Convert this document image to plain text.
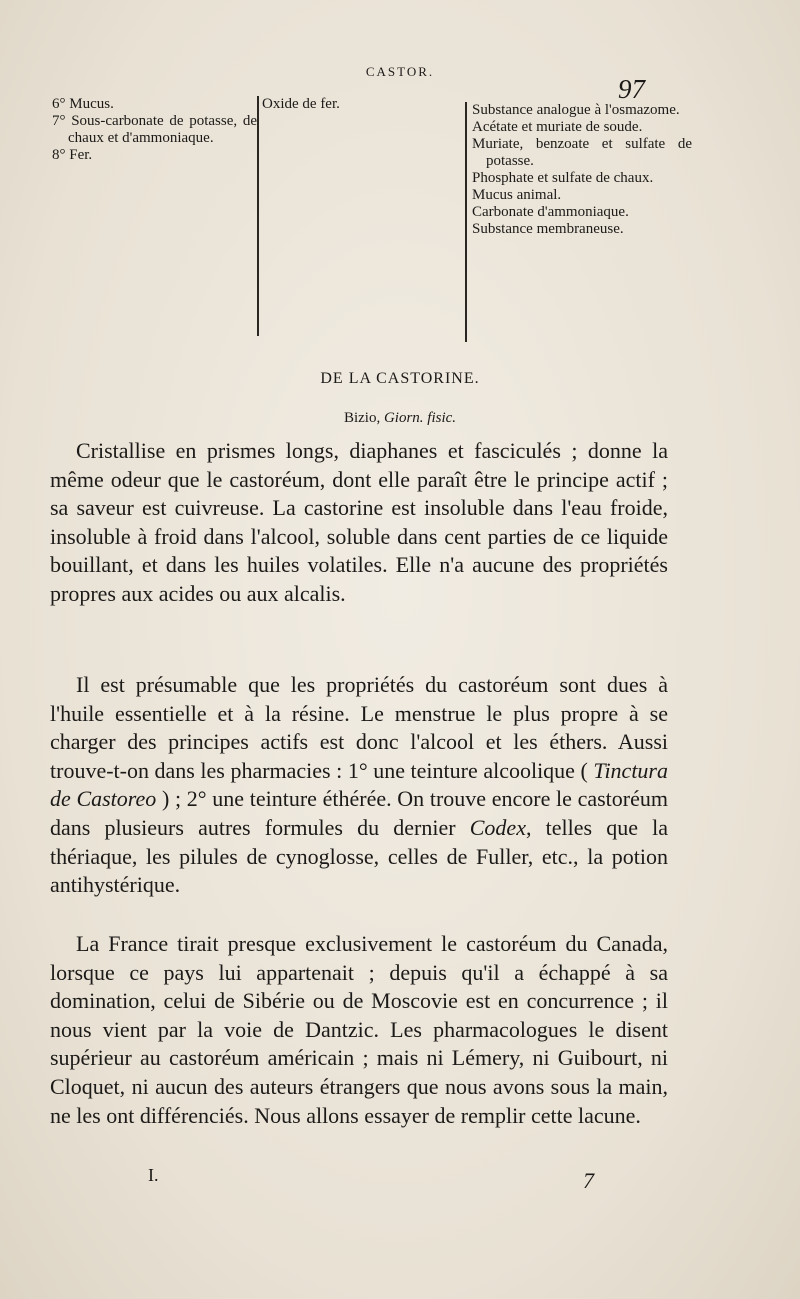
CASTOR.
97

6° Mucus.

7° Sous-carbonate de potasse, de chaux et d'ammoniaque.

8° Fer.

Oxide de fer.	Substance analogue à l'osmazome.

Acétate et muriate de soude.

Muriate, benzoate et sulfate de potasse.

Phosphate et sulfate de chaux.

Mucus animal.

Carbonate d'ammoniaque.

Substance membraneuse.

DE LA CASTORINE.
Bizio, Giorn. fisic.

Cristallise en prismes longs, diaphanes et fasciculés ; donne la même odeur que le castoréum, dont elle paraît être le principe actif ; sa saveur est cuivreuse. La castorine est insoluble dans l'eau froide, insoluble à froid dans l'alcool, soluble dans cent parties de ce liquide bouillant, et dans les huiles volatiles. Elle n'a aucune des propriétés propres aux acides ou aux alcalis.

Il est présumable que les propriétés du castoréum sont dues à l'huile essentielle et à la résine. Le menstrue le plus propre à se charger des principes actifs est donc l'alcool et les éthers. Aussi trouve-t-on dans les pharmacies : 1° une teinture alcoolique ( Tinctura de Castoreo ) ; 2° une teinture éthérée. On trouve encore le castoréum dans plusieurs autres formules du dernier Codex, telles que la thériaque, les pilules de cynoglosse, celles de Fuller, etc., la potion antihystérique.

La France tirait presque exclusivement le castoréum du Canada, lorsque ce pays lui appartenait ; depuis qu'il a échappé à sa domination, celui de Sibérie ou de Moscovie est en concurrence ; il nous vient par la voie de Dantzic. Les pharmacologues le disent supérieur au castoréum américain ; mais ni Lémery, ni Guibourt, ni Cloquet, ni aucun des auteurs étrangers que nous avons sous la main, ne les ont différenciés. Nous allons essayer de remplir cette lacune.

I.	7
